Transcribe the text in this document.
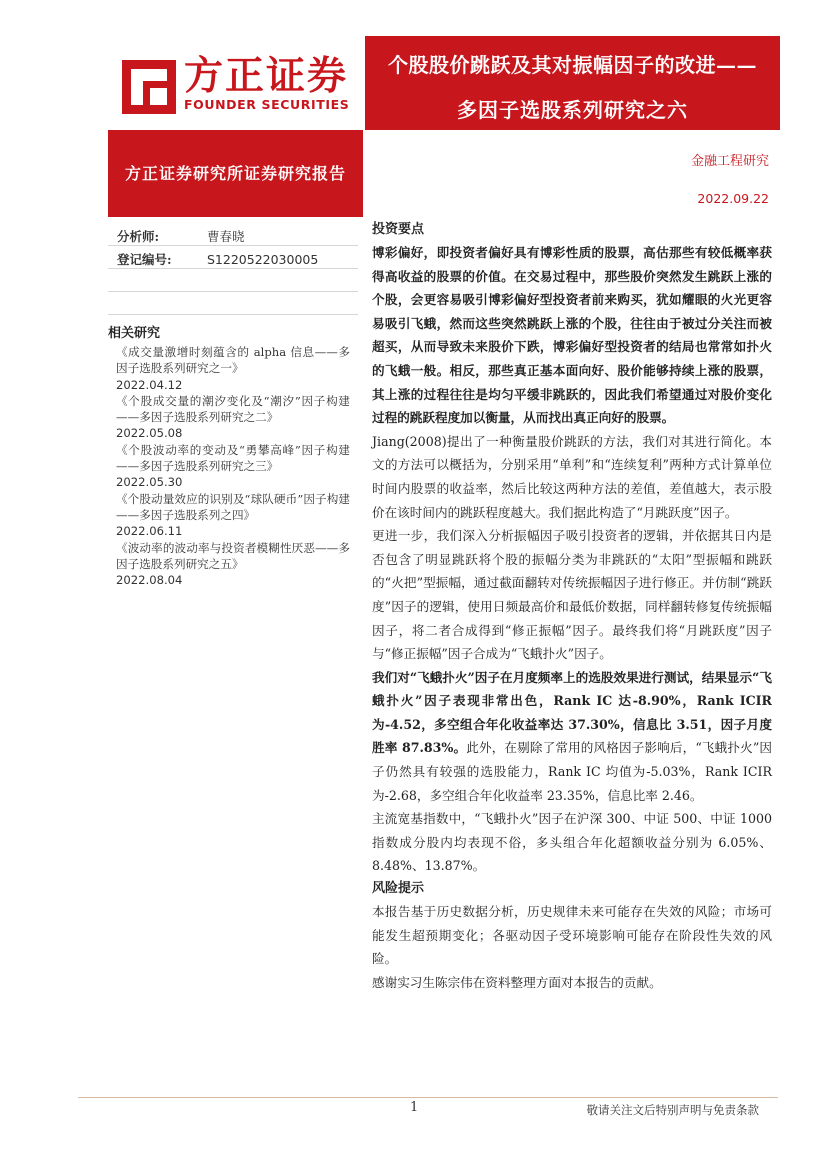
方正证券
FOUNDER SECURITIES
个股股价跳跃及其对振幅因子的改进——
多因子选股系列研究之六
方正证券研究所证券研究报告
金融工程研究
2022.09.22
分析师:	曹春晓
登记编号:	S1220522030005
相关研究
《成交量激增时刻蕴含的 alpha 信息——多因子选股系列研究之一》
2022.04.12
《个股成交量的潮汐变化及“潮汐”因子构建——多因子选股系列研究之二》
2022.05.08
《个股波动率的变动及“勇攀高峰”因子构建——多因子选股系列研究之三》
2022.05.30
《个股动量效应的识别及“球队硬币”因子构建——多因子选股系列之四》
2022.06.11
《波动率的波动率与投资者模糊性厌恶——多因子选股系列研究之五》
2022.08.04
投资要点

博彩偏好，即投资者偏好具有博彩性质的股票，高估那些有较低概率获得高收益的股票的价值。在交易过程中，那些股价突然发生跳跃上涨的个股，会更容易吸引博彩偏好型投资者前来购买，犹如耀眼的火光更容易吸引飞蛾，然而这些突然跳跃上涨的个股，往往由于被过分关注而被超买，从而导致未来股价下跌，博彩偏好型投资者的结局也常常如扑火的飞蛾一般。相反，那些真正基本面向好、股价能够持续上涨的股票，其上涨的过程往往是均匀平缓非跳跃的，因此我们希望通过对股价变化过程的跳跃程度加以衡量，从而找出真正向好的股票。

Jiang(2008)提出了一种衡量股价跳跃的方法，我们对其进行简化。本文的方法可以概括为，分别采用“单利”和“连续复利”两种方式计算单位时间内股票的收益率，然后比较这两种方法的差值，差值越大，表示股价在该时间内的跳跃程度越大。我们据此构造了“月跳跃度”因子。

更进一步，我们深入分析振幅因子吸引投资者的逻辑，并依据其日内是否包含了明显跳跃将个股的振幅分类为非跳跃的“太阳”型振幅和跳跃的“火把”型振幅，通过截面翻转对传统振幅因子进行修正。并仿制“跳跃度”因子的逻辑，使用日频最高价和最低价数据，同样翻转修复传统振幅因子，将二者合成得到“修正振幅”因子。最终我们将“月跳跃度”因子与“修正振幅”因子合成为“飞蛾扑火”因子。

我们对“飞蛾扑火”因子在月度频率上的选股效果进行测试，结果显示“飞蛾扑火”因子表现非常出色，Rank IC 达-8.90%，Rank ICIR 为-4.52，多空组合年化收益率达 37.30%，信息比 3.51，因子月度胜率 87.83%。此外，在剔除了常用的风格因子影响后，“飞蛾扑火”因子仍然具有较强的选股能力，Rank IC 均值为-5.03%，Rank ICIR 为-2.68，多空组合年化收益率 23.35%，信息比率 2.46。

主流宽基指数中，“飞蛾扑火”因子在沪深 300、中证 500、中证 1000 指数成分股内均表现不俗，多头组合年化超额收益分别为 6.05%、8.48%、13.87%。

风险提示

本报告基于历史数据分析，历史规律未来可能存在失效的风险；市场可能发生超预期变化；各驱动因子受环境影响可能存在阶段性失效的风险。

感谢实习生陈宗伟在资料整理方面对本报告的贡献。

1	敬请关注文后特别声明与免责条款
